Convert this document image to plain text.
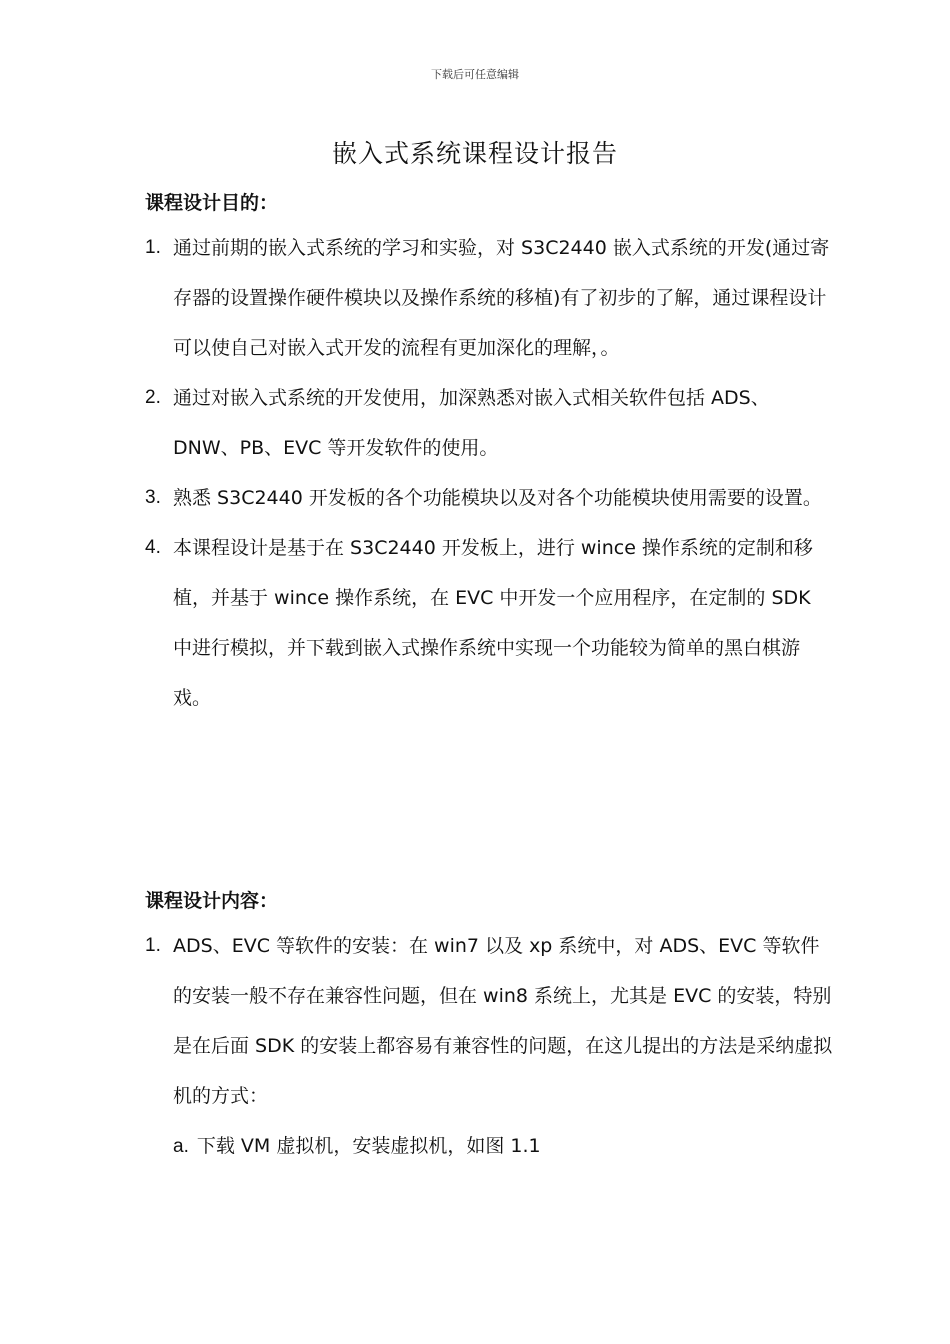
下载后可任意编辑
嵌入式系统课程设计报告
课程设计目的：
1. 通过前期的嵌入式系统的学习和实验，对 S3C2440 嵌入式系统的开发(通过寄存器的设置操作硬件模块以及操作系统的移植)有了初步的了解，通过课程设计可以使自己对嵌入式开发的流程有更加深化的理解，。
2. 通过对嵌入式系统的开发使用，加深熟悉对嵌入式相关软件包括 ADS、DNW、PB、EVC 等开发软件的使用。
3. 熟悉 S3C2440 开发板的各个功能模块以及对各个功能模块使用需要的设置。
4. 本课程设计是基于在 S3C2440 开发板上，进行 wince 操作系统的定制和移植，并基于 wince 操作系统，在 EVC 中开发一个应用程序，在定制的 SDK 中进行模拟，并下载到嵌入式操作系统中实现一个功能较为简单的黑白棋游戏。
课程设计内容：
1. ADS、EVC 等软件的安装：在 win7 以及 xp 系统中，对 ADS、EVC 等软件的安装一般不存在兼容性问题，但在 win8 系统上，尤其是 EVC 的安装，特别是在后面 SDK 的安装上都容易有兼容性的问题，在这儿提出的方法是采纳虚拟机的方式：
a. 下载 VM 虚拟机，安装虚拟机，如图 1.1
